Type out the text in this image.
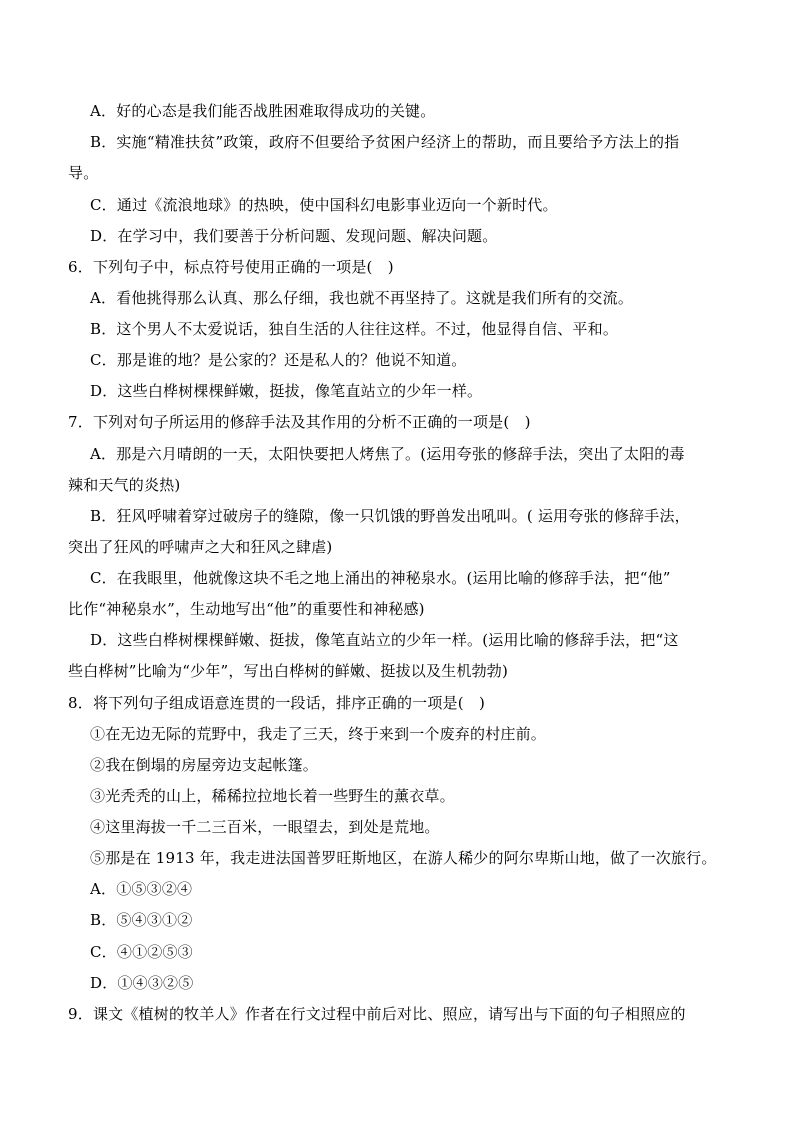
A．好的心态是我们能否战胜困难取得成功的关键。
B．实施“精准扶贫”政策，政府不但要给予贫困户经济上的帮助，而且要给予方法上的指
导。
C．通过《流浪地球》的热映，使中国科幻电影事业迈向一个新时代。
D．在学习中，我们要善于分析问题、发现问题、解决问题。
6．下列句子中，标点符号使用正确的一项是(　)
A．看他挑得那么认真、那么仔细，我也就不再坚持了。这就是我们所有的交流。
B．这个男人不太爱说话，独自生活的人往往这样。不过，他显得自信、平和。
C．那是谁的地？是公家的？还是私人的？他说不知道。
D．这些白桦树棵棵鲜嫩，挺拔，像笔直站立的少年一样。
7．下列对句子所运用的修辞手法及其作用的分析不正确的一项是(　)
A．那是六月晴朗的一天，太阳快要把人烤焦了。(运用夸张的修辞手法，突出了太阳的毒
辣和天气的炎热)
B．狂风呼啸着穿过破房子的缝隙，像一只饥饿的野兽发出吼叫。( 运用夸张的修辞手法，
突出了狂风的呼啸声之大和狂风之肆虐)
C．在我眼里，他就像这块不毛之地上涌出的神秘泉水。(运用比喻的修辞手法，把“他”
比作“神秘泉水”，生动地写出“他”的重要性和神秘感)
D．这些白桦树棵棵鲜嫩、挺拔，像笔直站立的少年一样。(运用比喻的修辞手法，把“这
些白桦树”比喻为“少年”，写出白桦树的鲜嫩、挺拔以及生机勃勃)
8．将下列句子组成语意连贯的一段话，排序正确的一项是(　)
①在无边无际的荒野中，我走了三天，终于来到一个废弃的村庄前。
②我在倒塌的房屋旁边支起帐篷。
③光秃秃的山上，稀稀拉拉地长着一些野生的薰衣草。
④这里海拔一千二三百米，一眼望去，到处是荒地。
⑤那是在 1913 年，我走进法国普罗旺斯地区，在游人稀少的阿尔卑斯山地，做了一次旅行。
A．①⑤③②④
B．⑤④③①②
C．④①②⑤③
D．①④③②⑤
9．课文《植树的牧羊人》作者在行文过程中前后对比、照应，请写出与下面的句子相照应的
